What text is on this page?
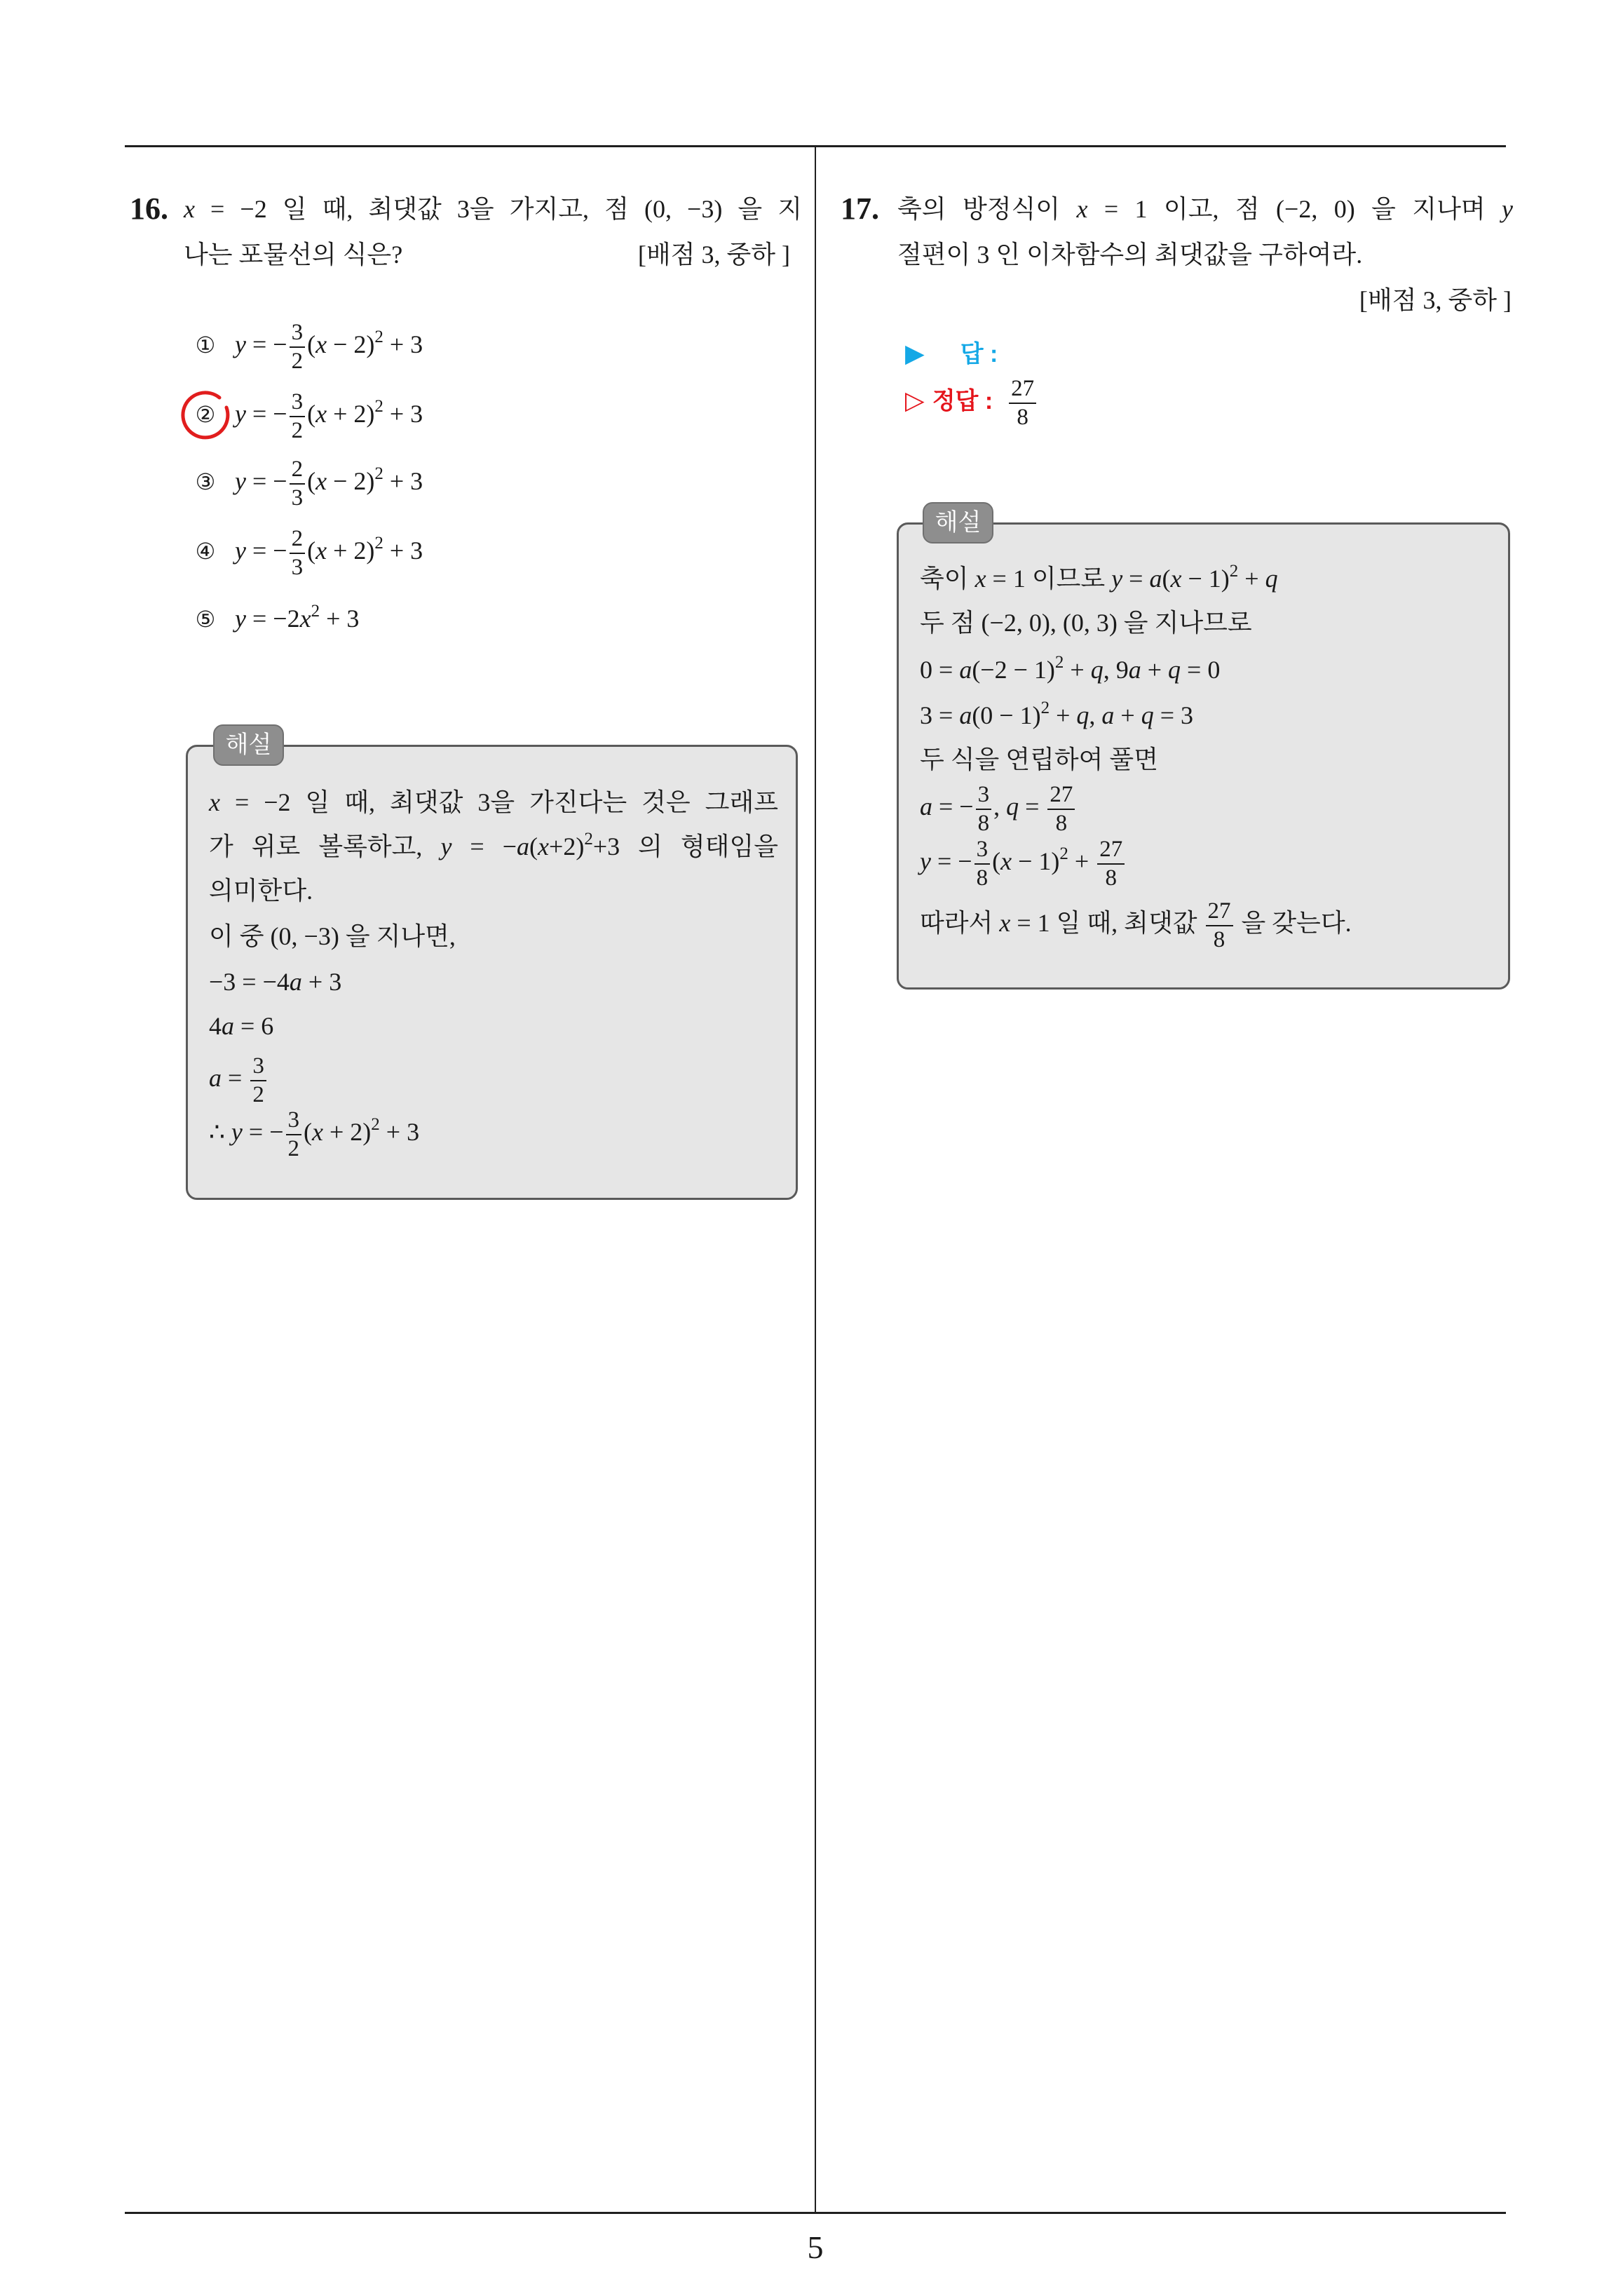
16. x = −2 일 때, 최댓값 3을 가지고, 점 (0, −3) 을 지
나는 포물선의 식은?	[배점 3, 중하 ]
① y = − $\frac{3}{2} (x - 2)^2 + 3$
② y = − $\frac{3}{2} (x + 2)^2 + 3$
③ y = − $\frac{2}{3} (x - 2)^2 + 3$
④ y = − $\frac{2}{3} (x + 2)^2 + 3$
⑤ $y = -2x^2 + 3$
해설
x = −2 일 때, 최댓값 3을 가진다는 것은 그래프
가 위로 볼록하고, $y = -a(x+2)^2+3$ 의 형태임을
의미한다.
이 중 (0, −3) 을 지나면,
−3 = −4a + 3
4a = 6
$a = \frac{3}{2}$
∴ y = − $\frac{3}{2} (x + 2)^2 + 3$
17. 축의 방정식이 x = 1 이고, 점 (−2, 0) 을 지나며 y
절편이 3 인 이차함수의 최댓값을 구하여라.
[배점 3, 중하 ]
▶ 답 :
▷ 정답 : $\frac{27}{8}$
해설
축이 x = 1 이므로 $y = a(x - 1)^2 + q$
두 점 (−2, 0), (0, 3) 을 지나므로
$0 = a(-2 - 1)^2 + q$, 9a + q = 0
$3 = a(0 - 1)^2 + q$, a + q = 3
두 식을 연립하여 풀면
a = − $\frac{3}{8}$ , $q = \frac{27}{8}$
y = − $\frac{3}{8} (x - 1)^2 + \frac{27}{8}$
따라서 x = 1 일 때, 최댓값 $\frac{27}{8}$ 을 갖는다.
5
